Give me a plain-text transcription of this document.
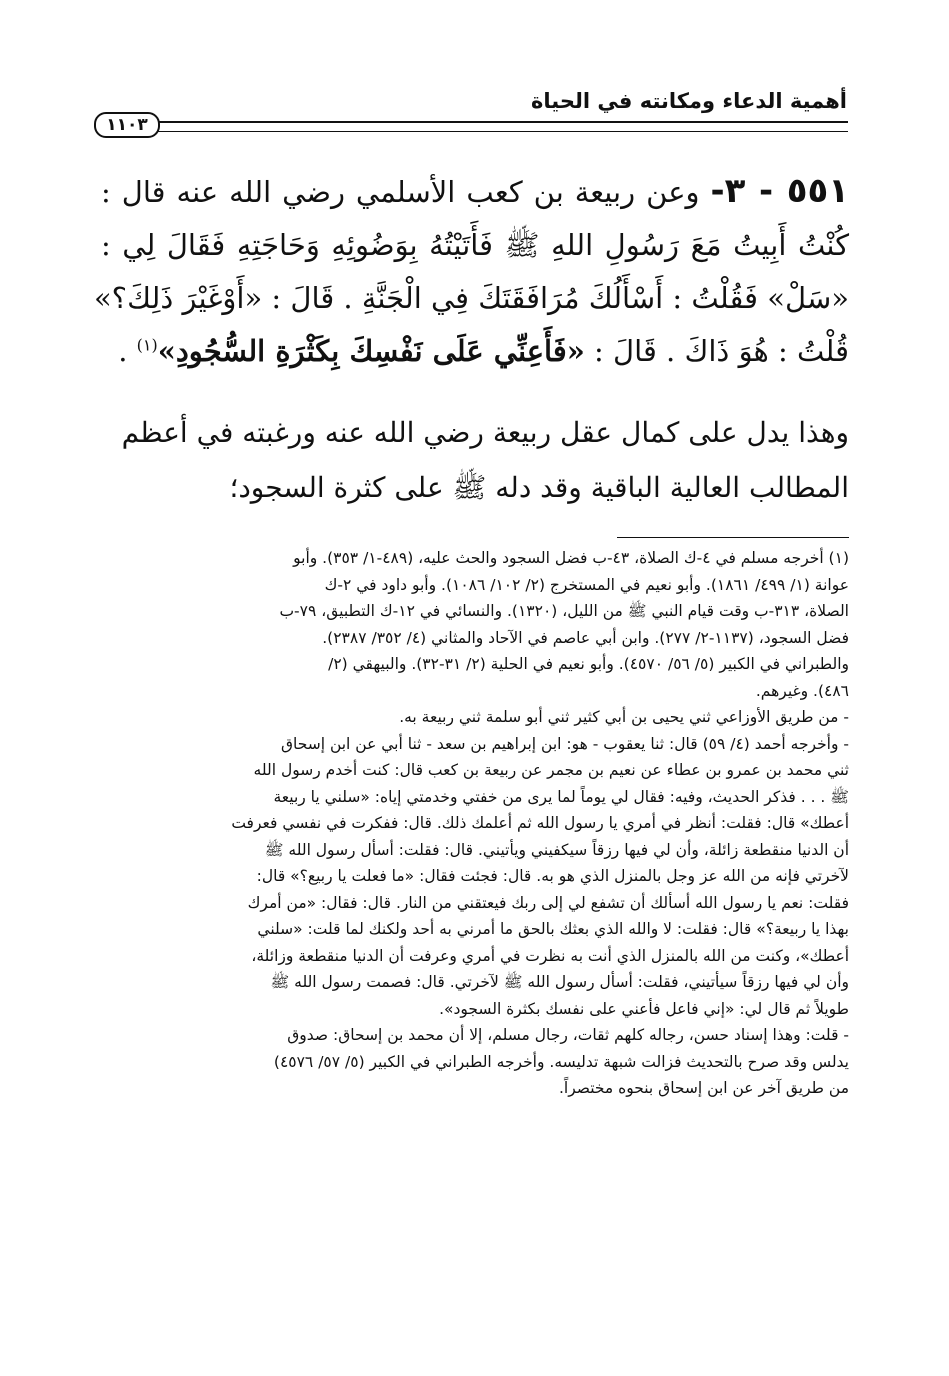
أهمية الدعاء ومكانته في الحياة
١١٠٣
٥٥١ - ٣- وعن ربيعة بن كعب الأسلمي رضي الله عنه قال :
كُنْتُ أَبِيتُ مَعَ رَسُولِ اللهِ ﷺ فَأَتَيْتُهُ بِوَضُوئِهِ وَحَاجَتِهِ فَقَالَ لِي :
«سَلْ» فَقُلْتُ : أَسْأَلُكَ مُرَافَقَتَكَ فِي الْجَنَّةِ . قَالَ : «أَوْغَيْرَ ذَلِكَ؟»
قُلْتُ : هُوَ ذَاكَ . قَالَ : «فَأَعِنِّي عَلَى نَفْسِكَ بِكَثْرَةِ السُّجُودِ»$^{(١)}$ .
وهذا يدل على كمال عقل ربيعة رضي الله عنه ورغبته في أعظم
المطالب العالية الباقية وقد دله ﷺ على كثرة السجود؛
(١) أخرجه مسلم في ٤-ك الصلاة، ٤٣-ب فضل السجود والحث عليه، (٤٨٩-١/ ٣٥٣). وأبو
عوانة (١/ ٤٩٩/ ١٨٦١). وأبو نعيم في المستخرج (٢/ ١٠٢/ ١٠٨٦). وأبو داود في ٢-ك
الصلاة، ٣١٣-ب وقت قيام النبي ﷺ من الليل، (١٣٢٠). والنسائي في ١٢-ك التطبيق، ٧٩-ب
فضل السجود، (١١٣٧-٢/ ٢٧٧). وابن أبي عاصم في الآحاد والمثاني (٤/ ٣٥٢/ ٢٣٨٧).
والطبراني في الكبير (٥/ ٥٦/ ٤٥٧٠). وأبو نعيم في الحلية (٢/ ٣١-٣٢). والبيهقي (٢/
٤٨٦). وغيرهم.
- من طريق الأوزاعي ثني يحيى بن أبي كثير ثني أبو سلمة ثني ربيعة به.
- وأخرجه أحمد (٤/ ٥٩) قال: ثنا يعقوب - هو: ابن إبراهيم بن سعد - ثنا أبي عن ابن إسحاق
ثني محمد بن عمرو بن عطاء عن نعيم بن مجمر عن ربيعة بن كعب قال: كنت أخدم رسول الله
ﷺ . . . فذكر الحديث، وفيه: فقال لي يوماً لما يرى من خفتي وخدمتي إياه: «سلني يا ربيعة
أعطك» قال: فقلت: أنظر في أمري يا رسول الله ثم أعلمك ذلك. قال: ففكرت في نفسي فعرفت
أن الدنيا منقطعة زائلة، وأن لي فيها رزقاً سيكفيني ويأتيني. قال: فقلت: أسأل رسول الله ﷺ
لآخرتي فإنه من الله عز وجل بالمنزل الذي هو به. قال: فجئت فقال: «ما فعلت يا ربيع؟» قال:
فقلت: نعم يا رسول الله أسألك أن تشفع لي إلى ربك فيعتقني من النار. قال: فقال: «من أمرك
بهذا يا ربيعة؟» قال: فقلت: لا والله الذي بعثك بالحق ما أمرني به أحد ولكنك لما قلت: «سلني
أعطك»، وكنت من الله بالمنزل الذي أنت به نظرت في أمري وعرفت أن الدنيا منقطعة وزائلة،
وأن لي فيها رزقاً سيأتيني، فقلت: أسأل رسول الله ﷺ لآخرتي. قال: فصمت رسول الله ﷺ
طويلاً ثم قال لي: «إني فاعل فأعني على نفسك بكثرة السجود».
- قلت: وهذا إسناد حسن، رجاله كلهم ثقات، رجال مسلم، إلا أن محمد بن إسحاق: صدوق
يدلس وقد صرح بالتحديث فزالت شبهة تدليسه. وأخرجه الطبراني في الكبير (٥/ ٥٧/ ٤٥٧٦)
من طريق آخر عن ابن إسحاق بنحوه مختصراً.
